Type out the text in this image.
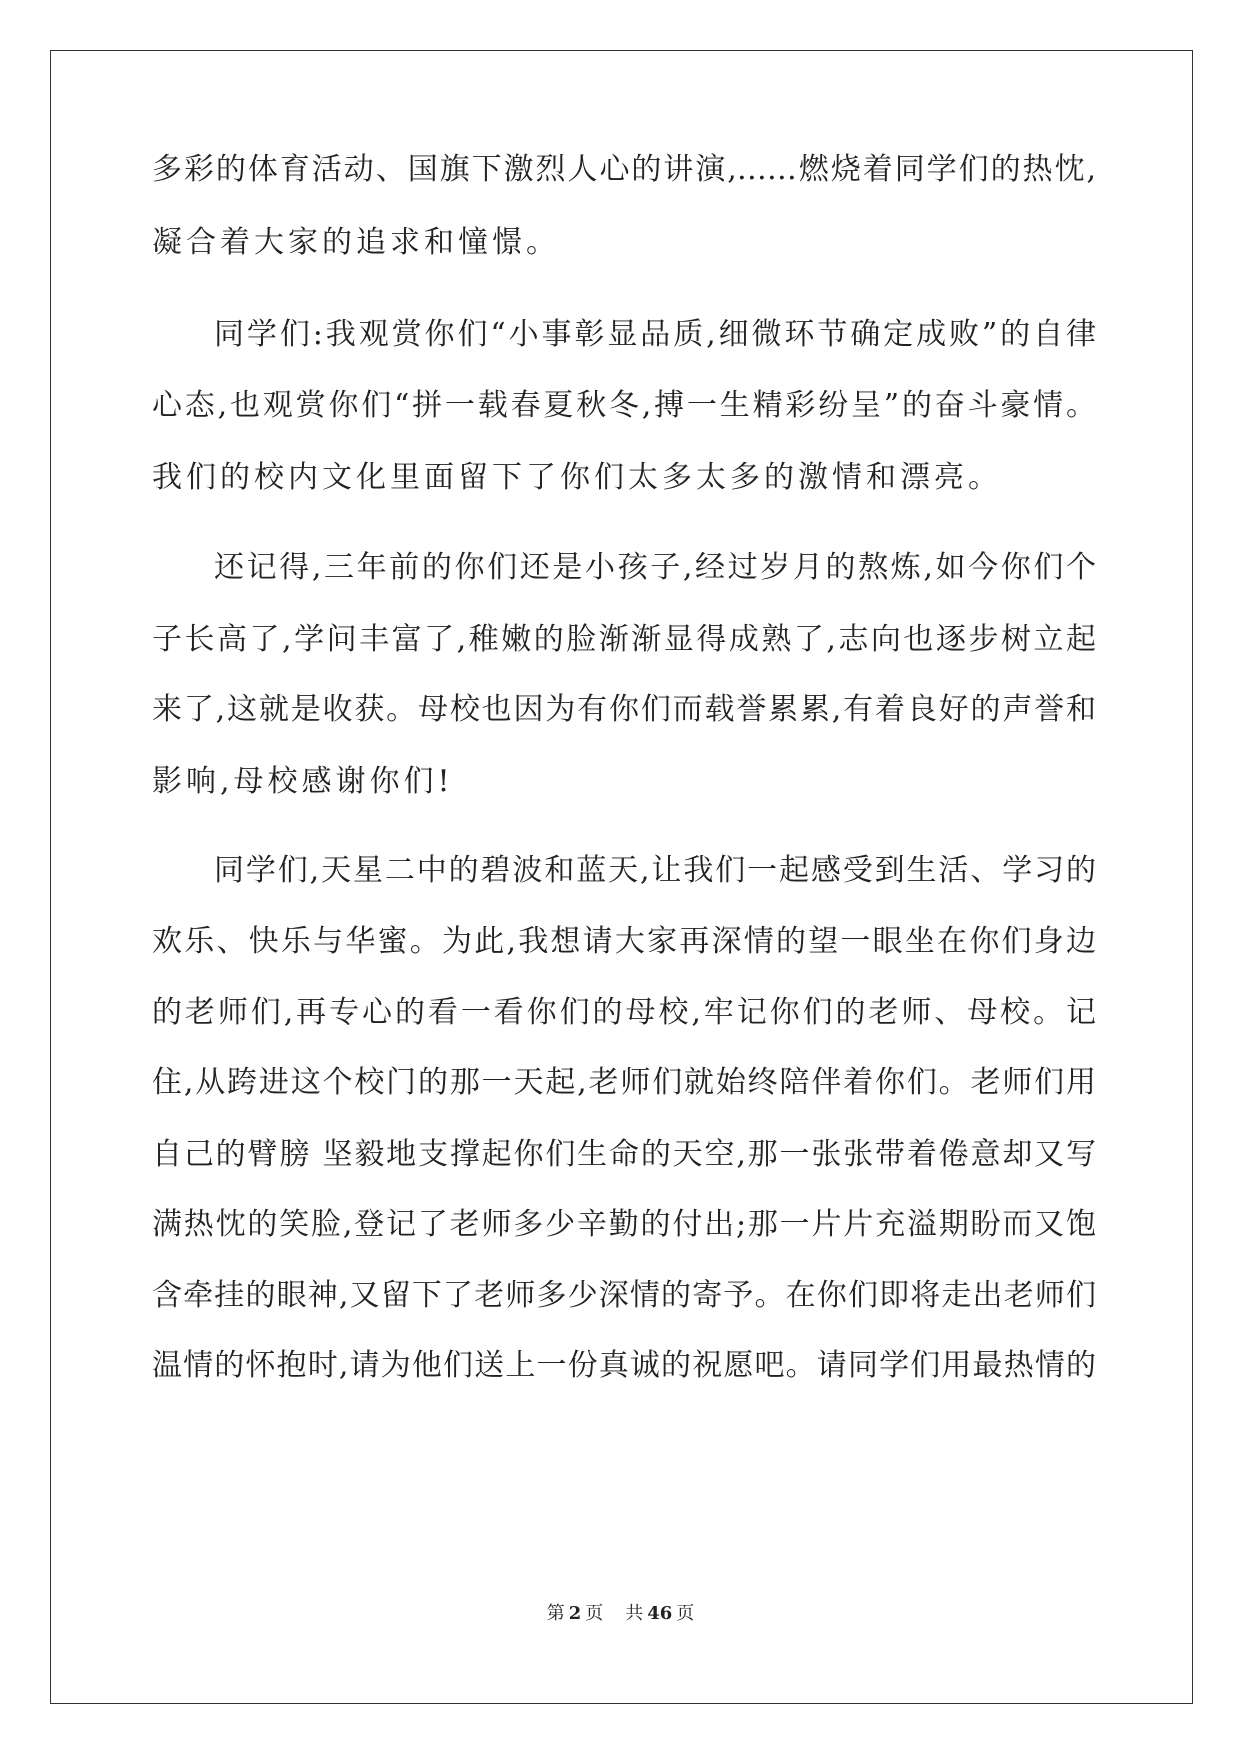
多彩的体育活动、国旗下激烈人心的讲演,……燃烧着同学们的热忱,
凝合着大家的追求和憧憬。
同学们:我观赏你们“小事彰显品质,细微环节确定成败”的自律
心态,也观赏你们“拼一载春夏秋冬,搏一生精彩纷呈”的奋斗豪情。
我们的校内文化里面留下了你们太多太多的激情和漂亮。
还记得,三年前的你们还是小孩子,经过岁月的熬炼,如今你们个
子长高了,学问丰富了,稚嫩的脸渐渐显得成熟了,志向也逐步树立起
来了,这就是收获。母校也因为有你们而载誉累累,有着良好的声誉和
影响,母校感谢你们!
同学们,天星二中的碧波和蓝天,让我们一起感受到生活、学习的
欢乐、快乐与华蜜。为此,我想请大家再深情的望一眼坐在你们身边
的老师们,再专心的看一看你们的母校,牢记你们的老师、母校。记
住,从跨进这个校门的那一天起,老师们就始终陪伴着你们。老师们用
自己的臂膀 坚毅地支撑起你们生命的天空,那一张张带着倦意却又写
满热忱的笑脸,登记了老师多少辛勤的付出;那一片片充溢期盼而又饱
含牵挂的眼神,又留下了老师多少深情的寄予。在你们即将走出老师们
温情的怀抱时,请为他们送上一份真诚的祝愿吧。请同学们用最热情的
第 2 页 共 46 页
